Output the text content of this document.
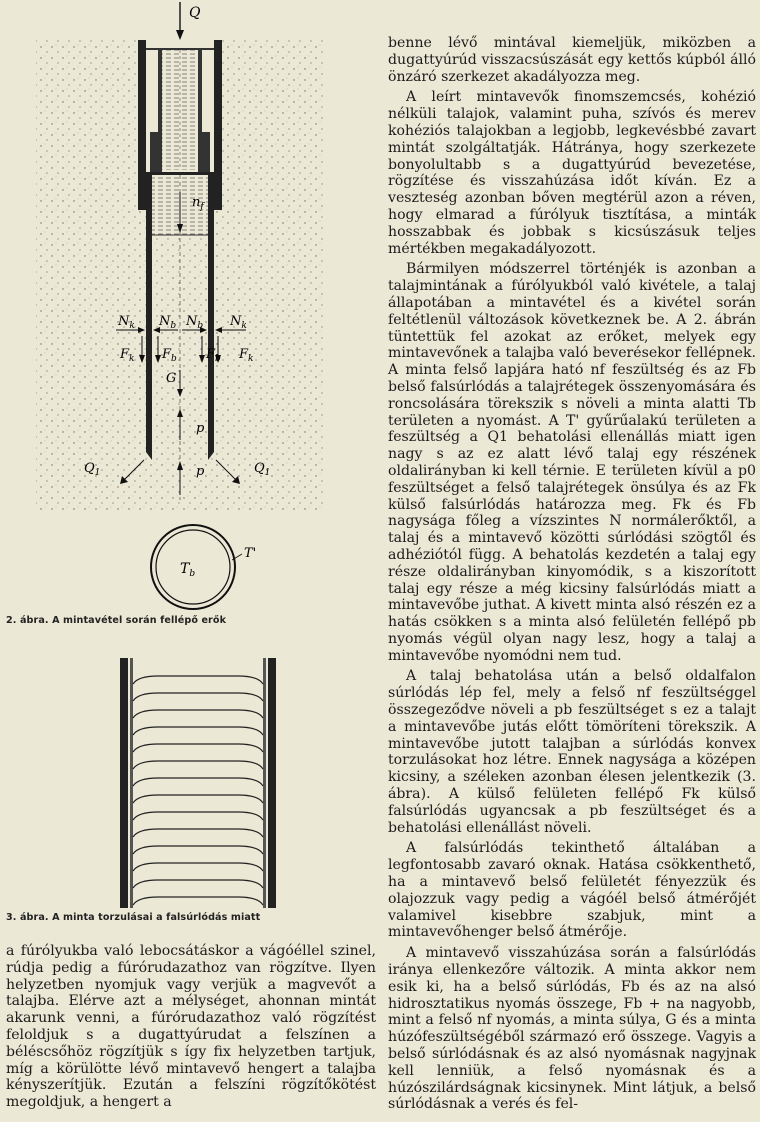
Q
$n_f$
$N_k$ $N_b$ $N_b$ $N_k$
$F_k$ $F_b$ $F_b$ $F_k$
G
p
p
$Q_1$	$Q_1$
$T_b$
T'
2. ábra. A mintavétel során fellépő erők
3. ábra. A minta torzulásai a falsúrlódás miatt

a fúrólyukba való lebocsátáskor a vágóéllel szinel, rúdja pedig a fúrórudazathoz van rögzítve. Ilyen helyzetben nyomjuk vagy verjük a magvevőt a talajba. Elérve azt a mélységet, ahonnan mintát akarunk venni, a fúrórudazathoz való rögzítést feloldjuk s a dugattyúrudat a felszínen a béléscsőhöz rögzítjük s így fix helyzetben tartjuk, míg a körülötte lévő mintavevő hengert a talajba kényszerítjük. Ezután a felszíni rögzítőkötést megoldjuk, a hengert a

benne lévő mintával kiemeljük, miközben a dugattyúrúd visszacsúszását egy kettős kúpból álló önzáró szerkezet akadályozza meg.

A leírt mintavevők finomszemcsés, kohézió nélküli talajok, valamint puha, szívós és merev kohéziós talajokban a legjobb, legkevésbbé zavart mintát szolgáltatják. Hátránya, hogy szerkezete bonyolultabb s a dugattyúrúd bevezetése, rögzítése és visszahúzása időt kíván. Ez a veszteség azonban bőven megtérül azon a réven, hogy elmarad a fúrólyuk tisztítása, a minták hosszabbak és jobbak s kicsúszásuk teljes mértékben megakadályozott.

Bármilyen módszerrel történjék is azonban a talajmintának a fúrólyukból való kivétele, a talaj állapotában a mintavétel és a kivétel során feltétlenül változások következnek be. A 2. ábrán tüntettük fel azokat az erőket, melyek egy mintavevőnek a talajba való beverésekor fellépnek. A minta felső lapjára ható nf feszültség és az Fb belső falsúrlódás a talajrétegek összenyomására és roncsolására törekszik s növeli a minta alatti Tb területen a nyomást. A T' gyűrűalakú területen a feszültség a Q1 behatolási ellenállás miatt igen nagy s az ez alatt lévő talaj egy részének oldalirányban ki kell térnie. E területen kívül a p0 feszültséget a felső talajrétegek önsúlya és az Fk külső falsúrlódás határozza meg. Fk és Fb nagysága főleg a vízszintes N normálerőktől, a talaj és a mintavevő közötti súrlódási szögtől és adhéziótól függ. A behatolás kezdetén a talaj egy része oldalirányban kinyomódik, s a kiszorított talaj egy része a még kicsiny falsúrlódás miatt a mintavevőbe juthat. A kivett minta alsó részén ez a hatás csökken s a minta alsó felületén fellépő pb nyomás végül olyan nagy lesz, hogy a talaj a mintavevőbe nyomódni nem tud.

A talaj behatolása után a belső oldalfalon súrlódás lép fel, mely a felső nf feszültséggel összegeződve növeli a pb feszültséget s ez a talajt a mintavevőbe jutás előtt tömöríteni törekszik. A mintavevőbe jutott talajban a súrlódás konvex torzulásokat hoz létre. Ennek nagysága a középen kicsiny, a széleken azonban élesen jelentkezik (3. ábra). A külső felületen fellépő Fk külső falsúrlódás ugyancsak a pb feszültséget és a behatolási ellenállást növeli.

A falsúrlódás tekinthető általában a legfontosabb zavaró oknak. Hatása csökkenthető, ha a mintavevő belső felületét fényezzük és olajozzuk vagy pedig a vágóél belső átmérőjét valamivel kisebbre szabjuk, mint a mintavevőhenger belső átmérője.

A mintavevő visszahúzása során a falsúrlódás iránya ellenkezőre változik. A minta akkor nem esik ki, ha a belső súrlódás, Fb és az na alsó hidrosztatikus nyomás összege, Fb + na nagyobb, mint a felső nf nyomás, a minta súlya, G és a minta húzófeszültségéből származó erő összege. Vagyis a belső súrlódásnak és az alsó nyomásnak nagyjnak kell lenniük, a felső nyomásnak és a húzószilárdságnak kicsinynek. Mint látjuk, a belső súrlódásnak a verés és fel-
